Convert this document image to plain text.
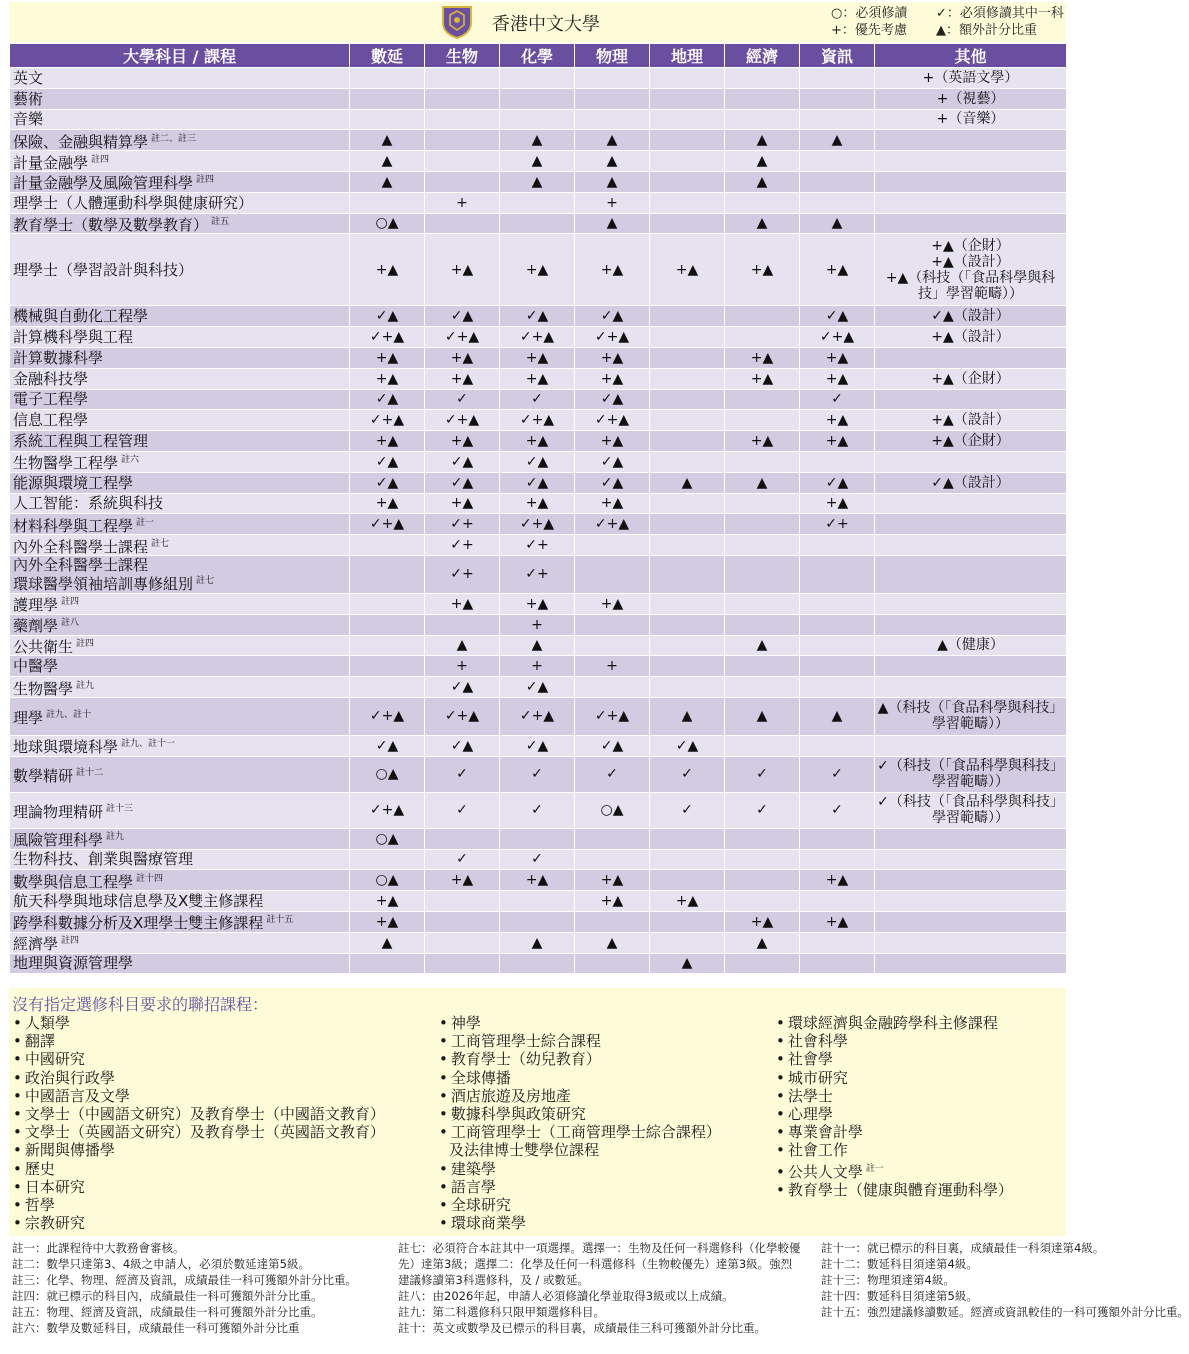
香港中文大學
○：必須修讀	✓：必須修讀其中一科
+：優先考慮	▲：額外計分比重
大學科目 / 課程	數延	生物	化學	物理	地理	經濟	資訊	其他
英文								+（英語文學）
藝術								+（視藝）
音樂								+（音樂）
保險、金融與精算學 $^{註二、註三}$	▲		▲	▲		▲	▲	
計量金融學 $^{註四}$	▲		▲	▲		▲		
計量金融學及風險管理科學 $^{註四}$	▲		▲	▲		▲		
理學士（人體運動科學與健康研究）		+		+				
教育學士（數學及數學教育） $^{註五}$	○▲			▲		▲	▲	
理學士（學習設計與科技）	+▲	+▲	+▲	+▲	+▲	+▲	+▲	+▲（企財）
+▲（設計）
+▲（科技（「食品科學與科技」學習範疇））
機械與自動化工程學	✓▲	✓▲	✓▲	✓▲			✓▲	✓▲（設計）
計算機科學與工程	✓+▲	✓+▲	✓+▲	✓+▲			✓+▲	+▲（設計）
計算數據科學	+▲	+▲	+▲	+▲		+▲	+▲	
金融科技學	+▲	+▲	+▲	+▲		+▲	+▲	+▲（企財）
電子工程學	✓▲	✓	✓	✓▲			✓	
信息工程學	✓+▲	✓+▲	✓+▲	✓+▲			+▲	+▲（設計）
系統工程與工程管理	+▲	+▲	+▲	+▲		+▲	+▲	+▲（企財）
生物醫學工程學 $^{註六}$	✓▲	✓▲	✓▲	✓▲				
能源與環境工程學	✓▲	✓▲	✓▲	✓▲	▲	▲	✓▲	✓▲（設計）
人工智能：系統與科技	+▲	+▲	+▲	+▲			+▲	
材料科學與工程學 $^{註一}$	✓+▲	✓+	✓+▲	✓+▲			✓+	
內外全科醫學士課程 $^{註七}$		✓+	✓+					
內外全科醫學士課程
環球醫學領袖培訓專修組別 $^{註七}$		✓+	✓+					
護理學 $^{註四}$		+▲	+▲	+▲				
藥劑學 $^{註八}$			+					
公共衛生 $^{註四}$		▲	▲			▲		▲（健康）
中醫學		+	+	+				
生物醫學 $^{註九}$		✓▲	✓▲					
理學 $^{註九、註十}$	✓+▲	✓+▲	✓+▲	✓+▲	▲	▲	▲	▲（科技（「食品科學與科技」學習範疇））
地球與環境科學 $^{註九、註十一}$	✓▲	✓▲	✓▲	✓▲	✓▲			
數學精研 $^{註十二}$	○▲	✓	✓	✓	✓	✓	✓	✓（科技（「食品科學與科技」學習範疇））
理論物理精研 $^{註十三}$	✓+▲	✓	✓	○▲	✓	✓	✓	✓（科技（「食品科學與科技」學習範疇））
風險管理科學 $^{註九}$	○▲							
生物科技、創業與醫療管理		✓	✓					
數學與信息工程學 $^{註十四}$	○▲	+▲	+▲	+▲			+▲	
航天科學與地球信息學及X雙主修課程	+▲			+▲	+▲			
跨學科數據分析及X理學士雙主修課程 $^{註十五}$	+▲					+▲	+▲	
經濟學 $^{註四}$	▲		▲	▲		▲		
地理與資源管理學					▲			
沒有指定選修科目要求的聯招課程：
• 人類學
• 翻譯
• 中國研究
• 政治與行政學
• 中國語言及文學
• 文學士（中國語文研究）及教育學士（中國語文教育）
• 文學士（英國語文研究）及教育學士（英國語文教育）
• 新聞與傳播學
• 歷史
• 日本研究
• 哲學
• 宗教研究
• 神學
• 工商管理學士綜合課程
• 教育學士（幼兒教育）
• 全球傳播
• 酒店旅遊及房地產
• 數據科學與政策研究
• 工商管理學士（工商管理學士綜合課程）及法律博士雙學位課程
• 建築學
• 語言學
• 全球研究
• 環球商業學
• 環球經濟與金融跨學科主修課程
• 社會科學
• 社會學
• 城市研究
• 法學士
• 心理學
• 專業會計學
• 社會工作
• 公共人文學 $^{註一}$
• 教育學士（健康與體育運動科學）

註一：此課程待中大教務會審核。

註二：數學只達第3、4級之申請人，必須於數延達第5級。

註三：化學、物理、經濟及資訊，成績最佳一科可獲額外計分比重。

註四：就已標示的科目內，成績最佳一科可獲額外計分比重。

註五：物理、經濟及資訊，成績最佳一科可獲額外計分比重。

註六：數學及數延科目，成績最佳一科可獲額外計分比重

註七：必須符合本註其中一項選擇。選擇一：生物及任何一科選修科（化學較優先）達第3級；選擇二：化學及任何一科選修科（生物較優先）達第3級。強烈建議修讀第3科選修科，及 / 或數延。

註八：由2026年起，申請人必須修讀化學並取得3級或以上成績。

註九：第二科選修科只限甲類選修科目。

註十：英文或數學及已標示的科目裏，成績最佳三科可獲額外計分比重。

註十一：就已標示的科目裏，成績最佳一科須達第4級。

註十二：數延科目須達第4級。

註十三：物理須達第4級。

註十四：數延科目須達第5級。

註十五：強烈建議修讀數延。經濟或資訊較佳的一科可獲額外計分比重。
